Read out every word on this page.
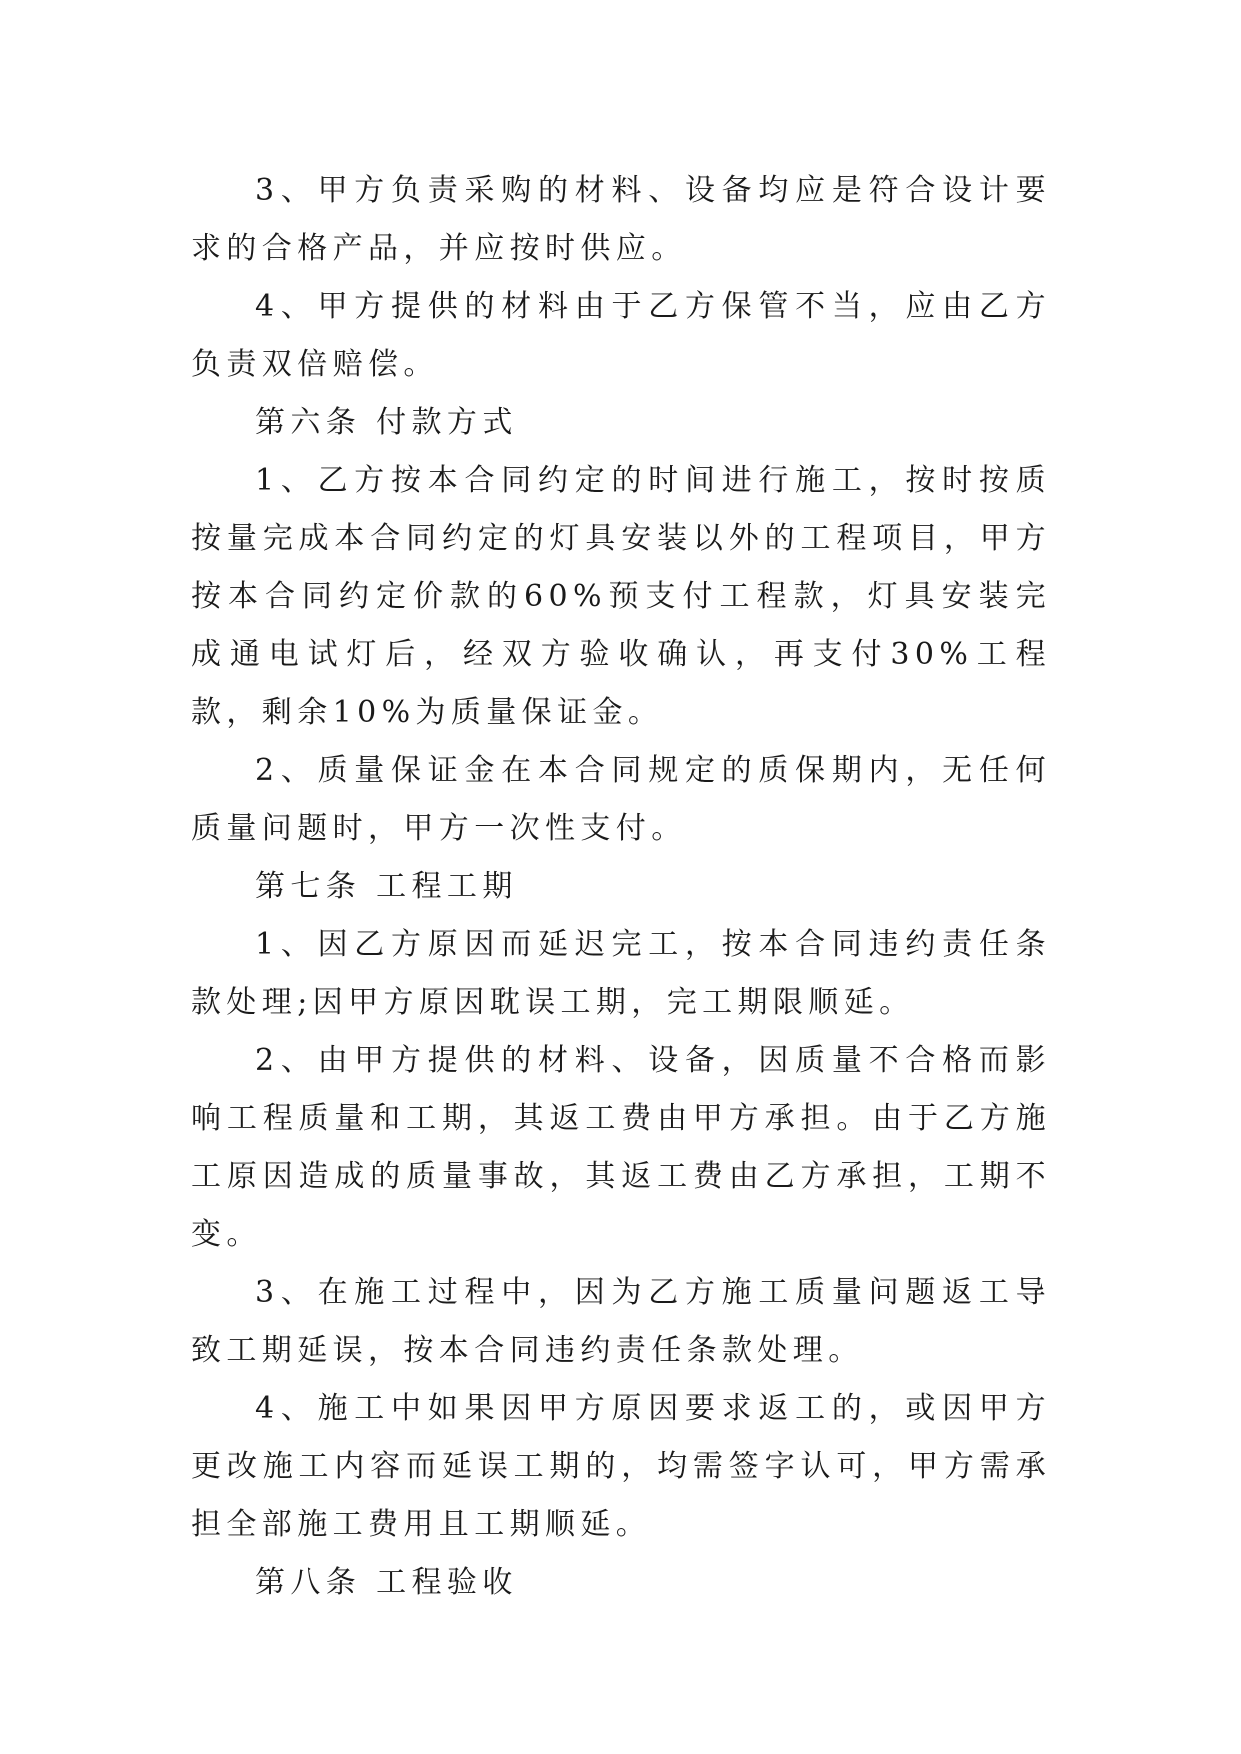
3、甲方负责采购的材料、设备均应是符合设计要求的合格产品，并应按时供应。

4、甲方提供的材料由于乙方保管不当，应由乙方负责双倍赔偿。

第六条 付款方式

1、乙方按本合同约定的时间进行施工，按时按质按量完成本合同约定的灯具安装以外的工程项目，甲方按本合同约定价款的60%预支付工程款，灯具安装完成通电试灯后，经双方验收确认，再支付30%工程款，剩余10%为质量保证金。

2、质量保证金在本合同规定的质保期内，无任何质量问题时，甲方一次性支付。

第七条 工程工期

1、因乙方原因而延迟完工，按本合同违约责任条款处理;因甲方原因耽误工期，完工期限顺延。

2、由甲方提供的材料、设备，因质量不合格而影响工程质量和工期，其返工费由甲方承担。由于乙方施工原因造成的质量事故，其返工费由乙方承担，工期不变。

3、在施工过程中，因为乙方施工质量问题返工导致工期延误，按本合同违约责任条款处理。

4、施工中如果因甲方原因要求返工的，或因甲方更改施工内容而延误工期的，均需签字认可，甲方需承担全部施工费用且工期顺延。

第八条 工程验收
